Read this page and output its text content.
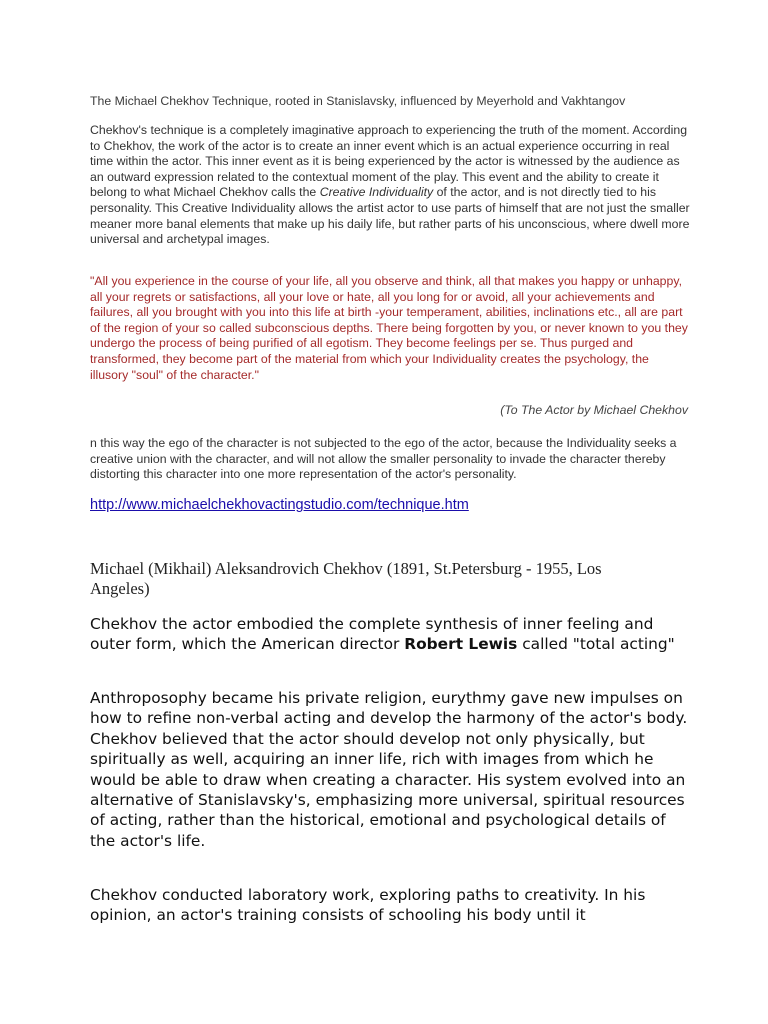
The Michael Chekhov Technique, rooted in Stanislavsky, influenced by Meyerhold and Vakhtangov

Chekhov's technique is a completely imaginative approach to experiencing the truth of the moment. According to Chekhov, the work of the actor is to create an inner event which is an actual experience occurring in real time within the actor. This inner event as it is being experienced by the actor is witnessed by the audience as an outward expression related to the contextual moment of the play. This event and the ability to create it belong to what Michael Chekhov calls the Creative Individuality of the actor, and is not directly tied to his personality. This Creative Individuality allows the artist actor to use parts of himself that are not just the smaller meaner more banal elements that make up his daily life, but rather parts of his unconscious, where dwell more universal and archetypal images.

"All you experience in the course of your life, all you observe and think, all that makes you happy or unhappy, all your regrets or satisfactions, all your love or hate, all you long for or avoid, all your achievements and failures, all you brought with you into this life at birth -your temperament, abilities, inclinations etc., all are part of the region of your so called subconscious depths. There being forgotten by you, or never known to you they undergo the process of being purified of all egotism. They become feelings per se. Thus purged and transformed, they become part of the material from which your Individuality creates the psychology, the illusory "soul" of the character."

(To The Actor by Michael Chekhov

n this way the ego of the character is not subjected to the ego of the actor, because the Individuality seeks a creative union with the character, and will not allow the smaller personality to invade the character thereby distorting this character into one more representation of the actor's personality.

http://www.michaelchekhovactingstudio.com/technique.htm

Michael (Mikhail) Aleksandrovich Chekhov (1891, St.Petersburg - 1955, Los Angeles)

Chekhov the actor embodied the complete synthesis of inner feeling and outer form, which the American director Robert Lewis called "total acting"

Anthroposophy became his private religion, eurythmy gave new impulses on how to refine non-verbal acting and develop the harmony of the actor's body. Chekhov believed that the actor should develop not only physically, but spiritually as well, acquiring an inner life, rich with images from which he would be able to draw when creating a character. His system evolved into an alternative of Stanislavsky's, emphasizing more universal, spiritual resources of acting, rather than the historical, emotional and psychological details of the actor's life.

Chekhov conducted laboratory work, exploring paths to creativity. In his opinion, an actor's training consists of schooling his body until it
